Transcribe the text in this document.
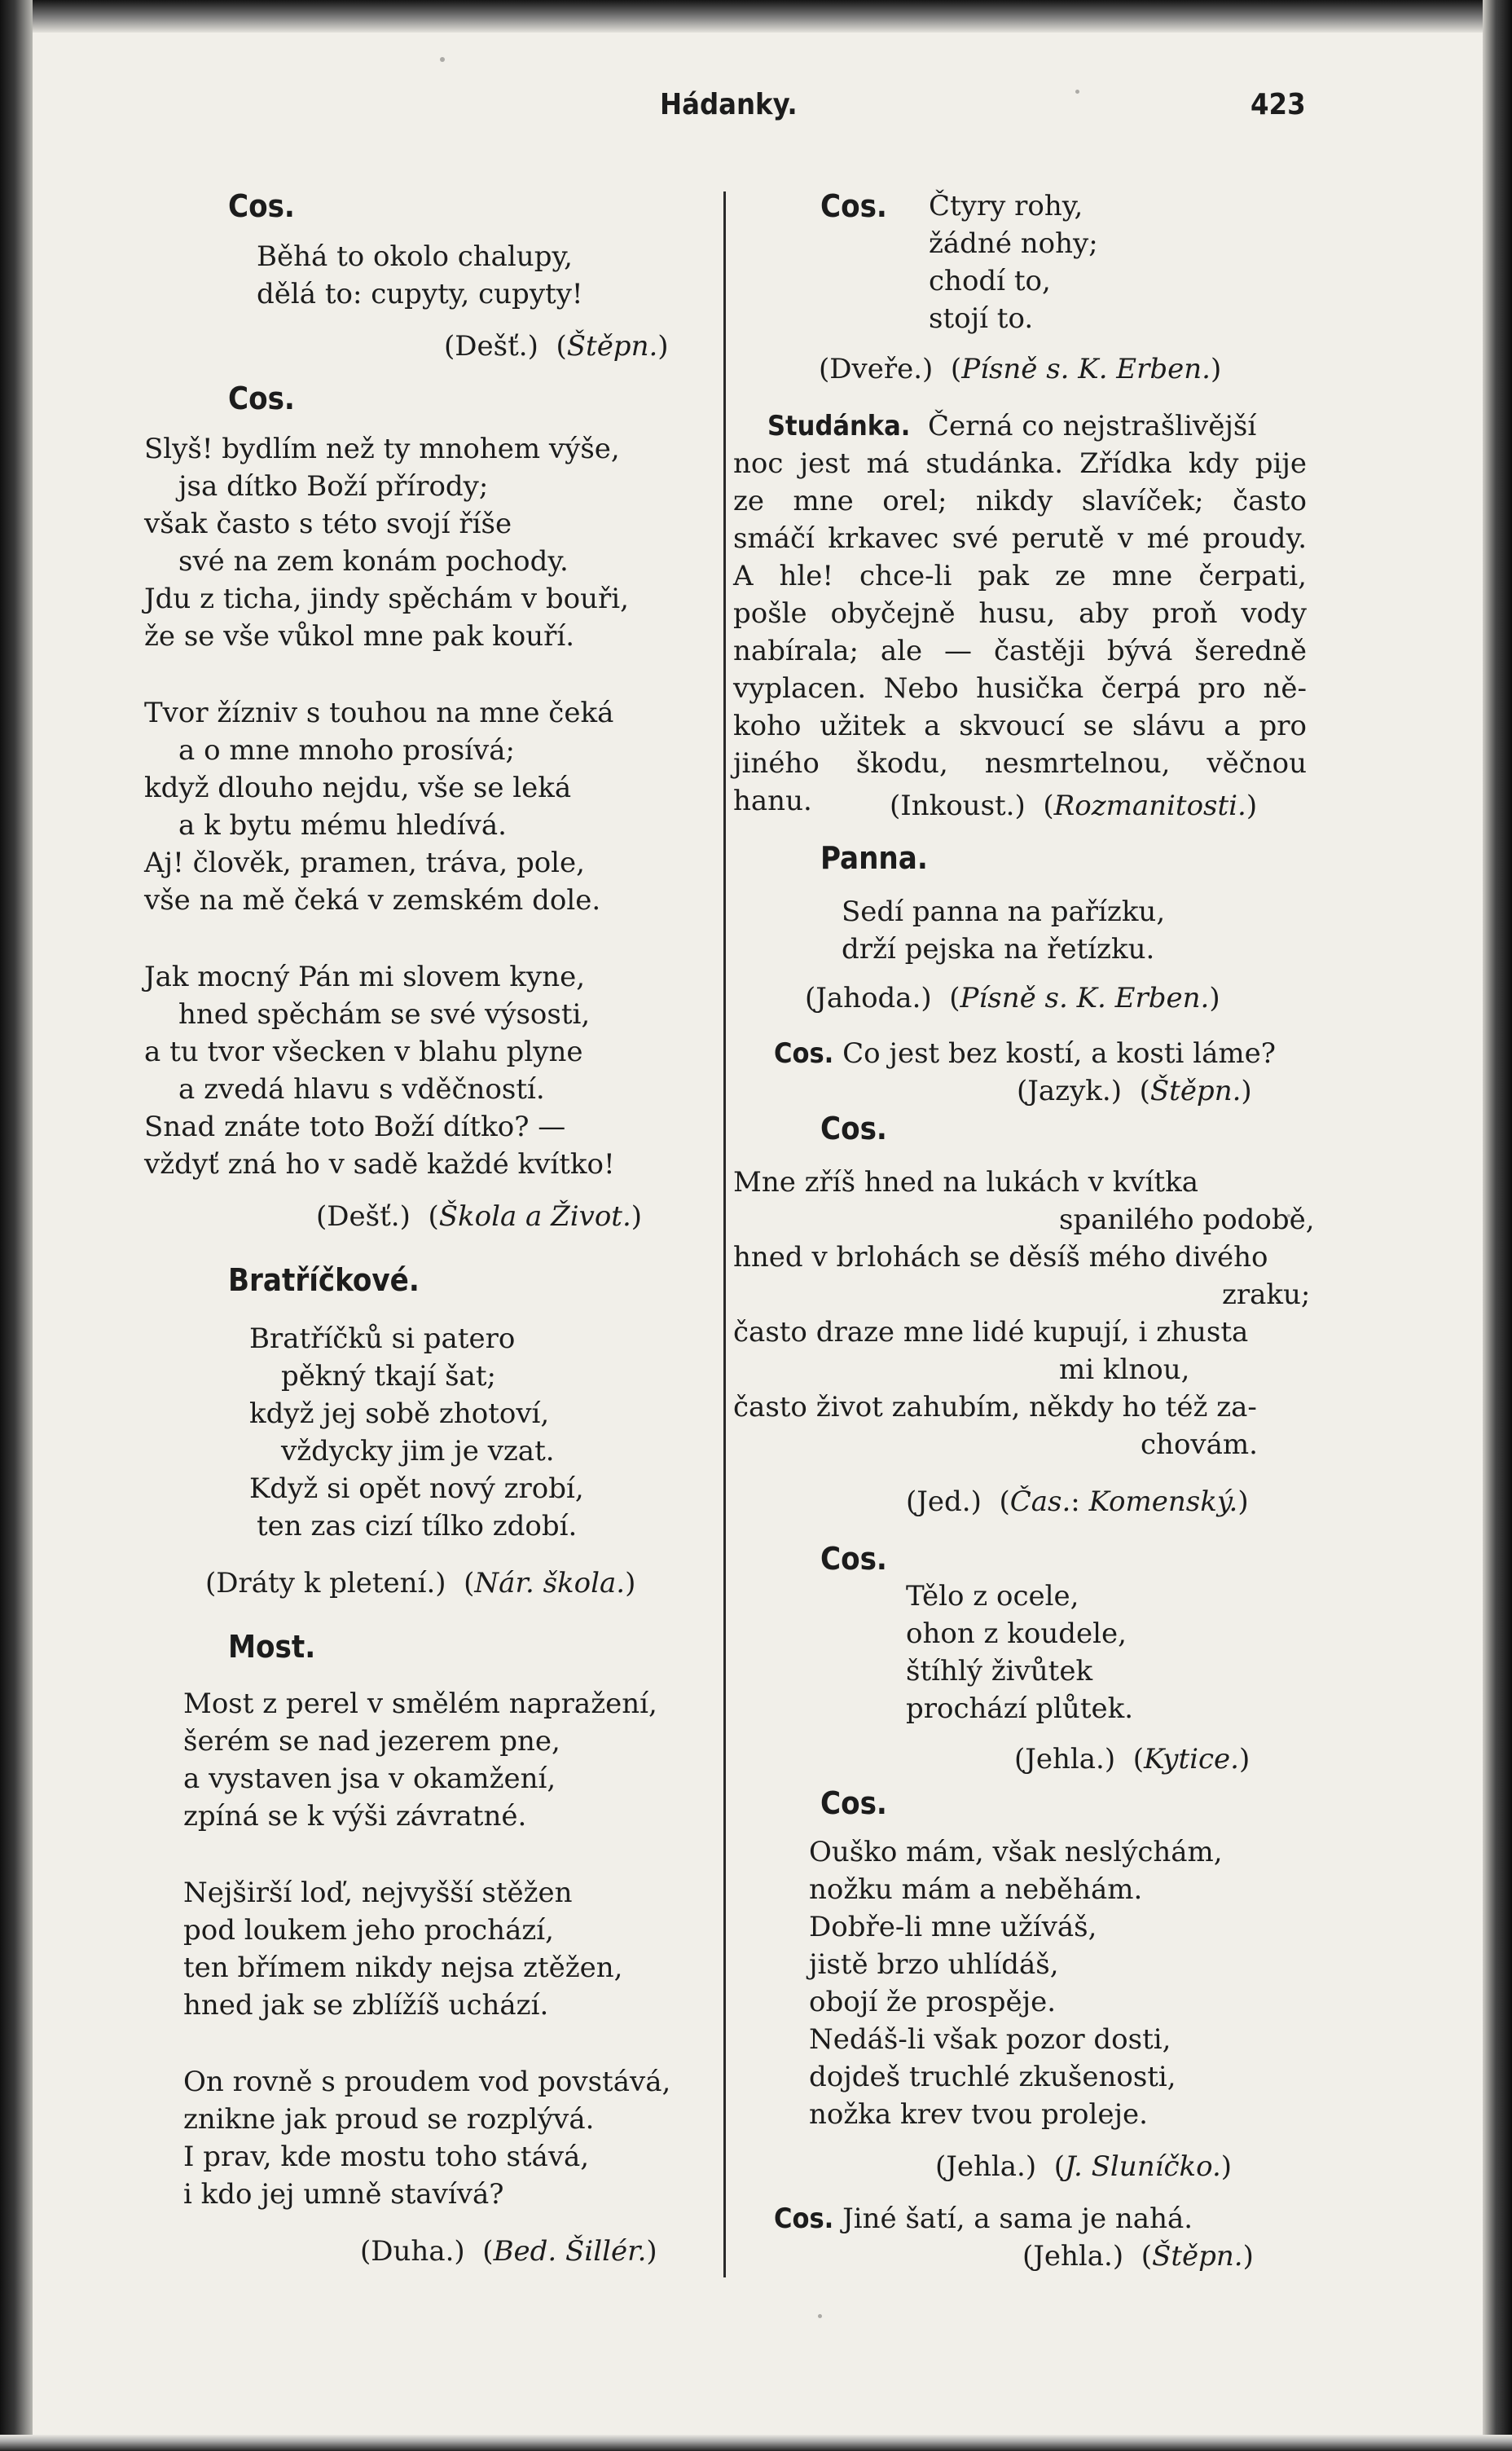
Hádanky.	423
Cos.
Běhá to okolo chalupy,
dělá to: cupyty, cupyty!
(Dešť.)  (Štěpn.)
Cos.
Slyš! bydlím než ty mnohem výše,
jsa dítko Boží přírody;
však často s této svojí říše
své na zem konám pochody.
Jdu z ticha, jindy spěchám v bouři,
že se vše vůkol mne pak kouří.
Tvor žízniv s touhou na mne čeká
a o mne mnoho prosívá;
když dlouho nejdu, vše se leká
a k bytu mému hledívá.
Aj! člověk, pramen, tráva, pole,
vše na mě čeká v zemském dole.
Jak mocný Pán mi slovem kyne,
hned spěchám se své výsosti,
a tu tvor všecken v blahu plyne
a zvedá hlavu s vděčností.
Snad znáte toto Boží dítko? —
vždyť zná ho v sadě každé kvítko!
(Dešť.)  (Škola a Život.)
Bratříčkové.
Bratříčků si patero
pěkný tkají šat;
když jej sobě zhotoví,
vždycky jim je vzat.
Když si opět nový zrobí,
ten zas cizí tílko zdobí.
(Dráty k pletení.)  (Nár. škola.)
Most.
Most z perel v smělém napražení,
šerém se nad jezerem pne,
a vystaven jsa v okamžení,
zpíná se k výši závratné.
Nejširší loď, nejvyšší stěžen
pod loukem jeho prochází,
ten břímem nikdy nejsa ztěžen,
hned jak se zblížíš uchází.
On rovně s proudem vod povstává,
znikne jak proud se rozplývá.
I prav, kde mostu toho stává,
i kdo jej umně stavívá?
(Duha.)  (Bed. Šillér.)
Cos.	Čtyry rohy,
žádné nohy;
chodí to,
stojí to.
(Dveře.)  (Písně s. K. Erben.)
Studánka. Černá co nejstrašlivější
noc jest má studánka. Zřídka kdy pije
ze mne orel; nikdy slavíček; často
smáčí krkavec své perutě v mé proudy.
A hle! chce-li pak ze mne čerpati,
pošle obyčejně husu, aby proň vody
nabírala; ale — častěji bývá šeredně
vyplacen. Nebo husička čerpá pro ně-
koho užitek a skvoucí se slávu a pro
jiného škodu, nesmrtelnou, věčnou hanu.	(Inkoust.)  (Rozmanitosti.)
Panna.
Sedí panna na pařízku,
drží pejska na řetízku.
(Jahoda.)  (Písně s. K. Erben.)
Cos. Co jest bez kostí, a kosti láme?
(Jazyk.)  (Štěpn.)
Cos.
Mne zříš hned na lukách v kvítka
spanilého podobě,
hned v brlohách se děsíš mého divého
zraku;
často draze mne lidé kupují, i zhusta
mi klnou,
často život zahubím, někdy ho též za-
chovám.
(Jed.)  (Čas.: Komenský.)
Cos.
Tělo z ocele,
ohon z koudele,
štíhlý živůtek
prochází plůtek.
(Jehla.)  (Kytice.)
Cos.
Ouško mám, však neslýchám,
nožku mám a neběhám.
Dobře-li mne užíváš,
jistě brzo uhlídáš,
obojí že prospěje.
Nedáš-li však pozor dosti,
dojdeš truchlé zkušenosti,
nožka krev tvou proleje.
(Jehla.)  (J. Sluníčko.)
Cos. Jiné šatí, a sama je nahá.
(Jehla.)  (Štěpn.)
